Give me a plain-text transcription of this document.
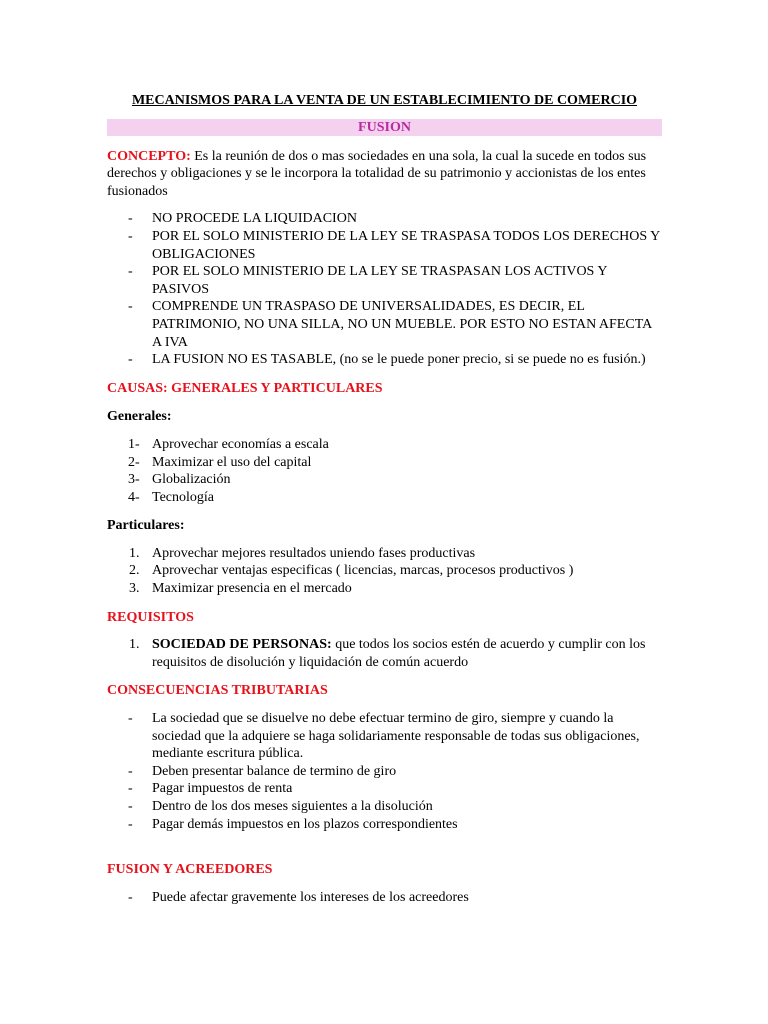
MECANISMOS PARA LA VENTA DE UN ESTABLECIMIENTO DE COMERCIO

FUSION

CONCEPTO: Es la reunión de dos o mas sociedades en una sola, la cual la sucede en todos sus derechos y obligaciones y se le incorpora la totalidad de su patrimonio y accionistas de los entes fusionados

-	NO PROCEDE LA LIQUIDACION
-	POR EL SOLO MINISTERIO DE LA LEY SE TRASPASA TODOS LOS DERECHOS Y OBLIGACIONES
-	POR EL SOLO MINISTERIO DE LA LEY SE TRASPASAN LOS ACTIVOS Y PASIVOS
-	COMPRENDE UN TRASPASO DE UNIVERSALIDADES, ES DECIR, EL PATRIMONIO, NO UNA SILLA, NO UN MUEBLE. POR ESTO NO ESTAN AFECTA A IVA
-	LA FUSION NO ES TASABLE, (no se le puede poner precio, si se puede no es fusión.)

CAUSAS: GENERALES Y PARTICULARES

Generales:

1- Aprovechar economías a escala
2- Maximizar el uso del capital
3- Globalización
4- Tecnología

Particulares:

1. Aprovechar mejores resultados uniendo fases productivas
2. Aprovechar ventajas especificas ( licencias, marcas, procesos productivos )
3. Maximizar presencia en el mercado

REQUISITOS

1. SOCIEDAD DE PERSONAS: que todos los socios estén de acuerdo y cumplir con los requisitos de disolución y liquidación de común acuerdo

CONSECUENCIAS TRIBUTARIAS

-	La sociedad que se disuelve no debe efectuar termino de giro, siempre y cuando la sociedad que la adquiere se haga solidariamente responsable de todas sus obligaciones, mediante escritura pública.
-	Deben presentar balance de termino de giro
-	Pagar impuestos de renta
-	Dentro de los dos meses siguientes a la disolución
-	Pagar demás impuestos en los plazos correspondientes

FUSION Y ACREEDORES

-	Puede afectar gravemente los intereses de los acreedores
